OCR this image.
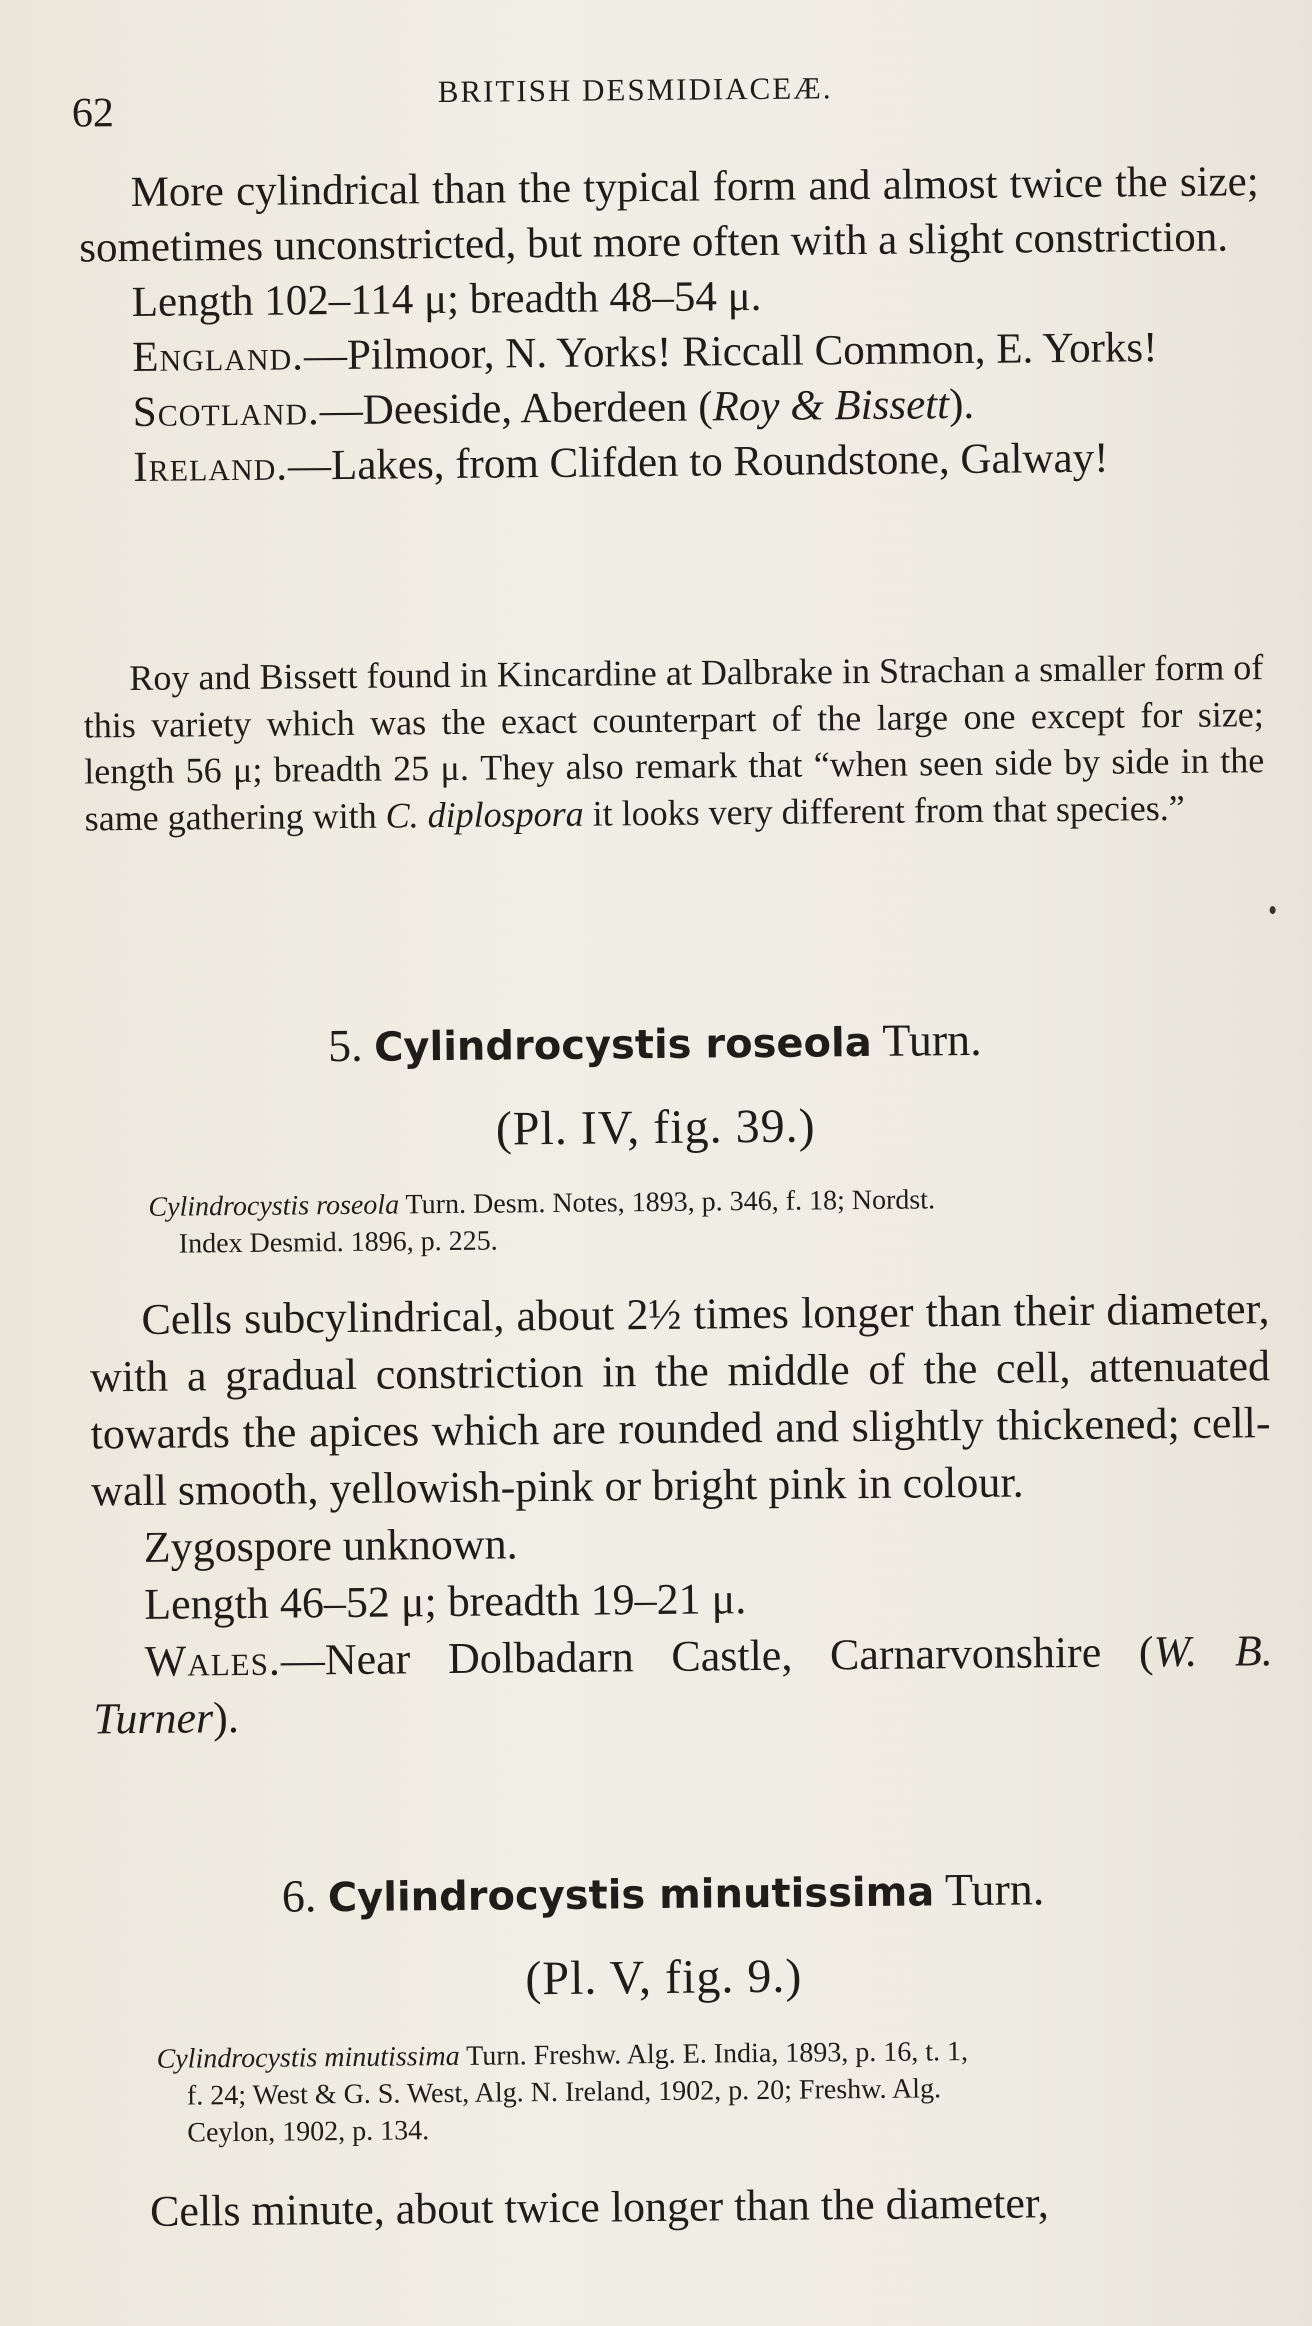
62
BRITISH DESMIDIACEÆ.

More cylindrical than the typical form and almost twice the size; sometimes unconstricted, but more often with a slight constriction.

Length 102–114 μ; breadth 48–54 μ.

England.—Pilmoor, N. Yorks! Riccall Common, E. Yorks!

Scotland.—Deeside, Aberdeen (Roy & Bissett).

Ireland.—Lakes, from Clifden to Roundstone, Galway!

Roy and Bissett found in Kincardine at Dalbrake in Strachan a smaller form of this variety which was the exact counterpart of the large one except for size; length 56 μ; breadth 25 μ. They also remark that “when seen side by side in the same gathering with C. diplospora it looks very different from that species.”

5. Cylindrocystis roseola Turn.
(Pl. IV, fig. 39.)
Cylindrocystis roseola Turn. Desm. Notes, 1893, p. 346, f. 18; Nordst.
Index Desmid. 1896, p. 225.

Cells subcylindrical, about 2½ times longer than their diameter, with a gradual constriction in the middle of the cell, attenuated towards the apices which are rounded and slightly thickened; cell-wall smooth, yellowish-pink or bright pink in colour.

Zygospore unknown.

Length 46–52 μ; breadth 19–21 μ.

Wales.—Near Dolbadarn Castle, Carnarvonshire (W. B. Turner).

6. Cylindrocystis minutissima Turn.
(Pl. V, fig. 9.)
Cylindrocystis minutissima Turn. Freshw. Alg. E. India, 1893, p. 16, t. 1,
f. 24; West & G. S. West, Alg. N. Ireland, 1902, p. 20; Freshw. Alg.
Ceylon, 1902, p. 134.

Cells minute, about twice longer than the diameter,
